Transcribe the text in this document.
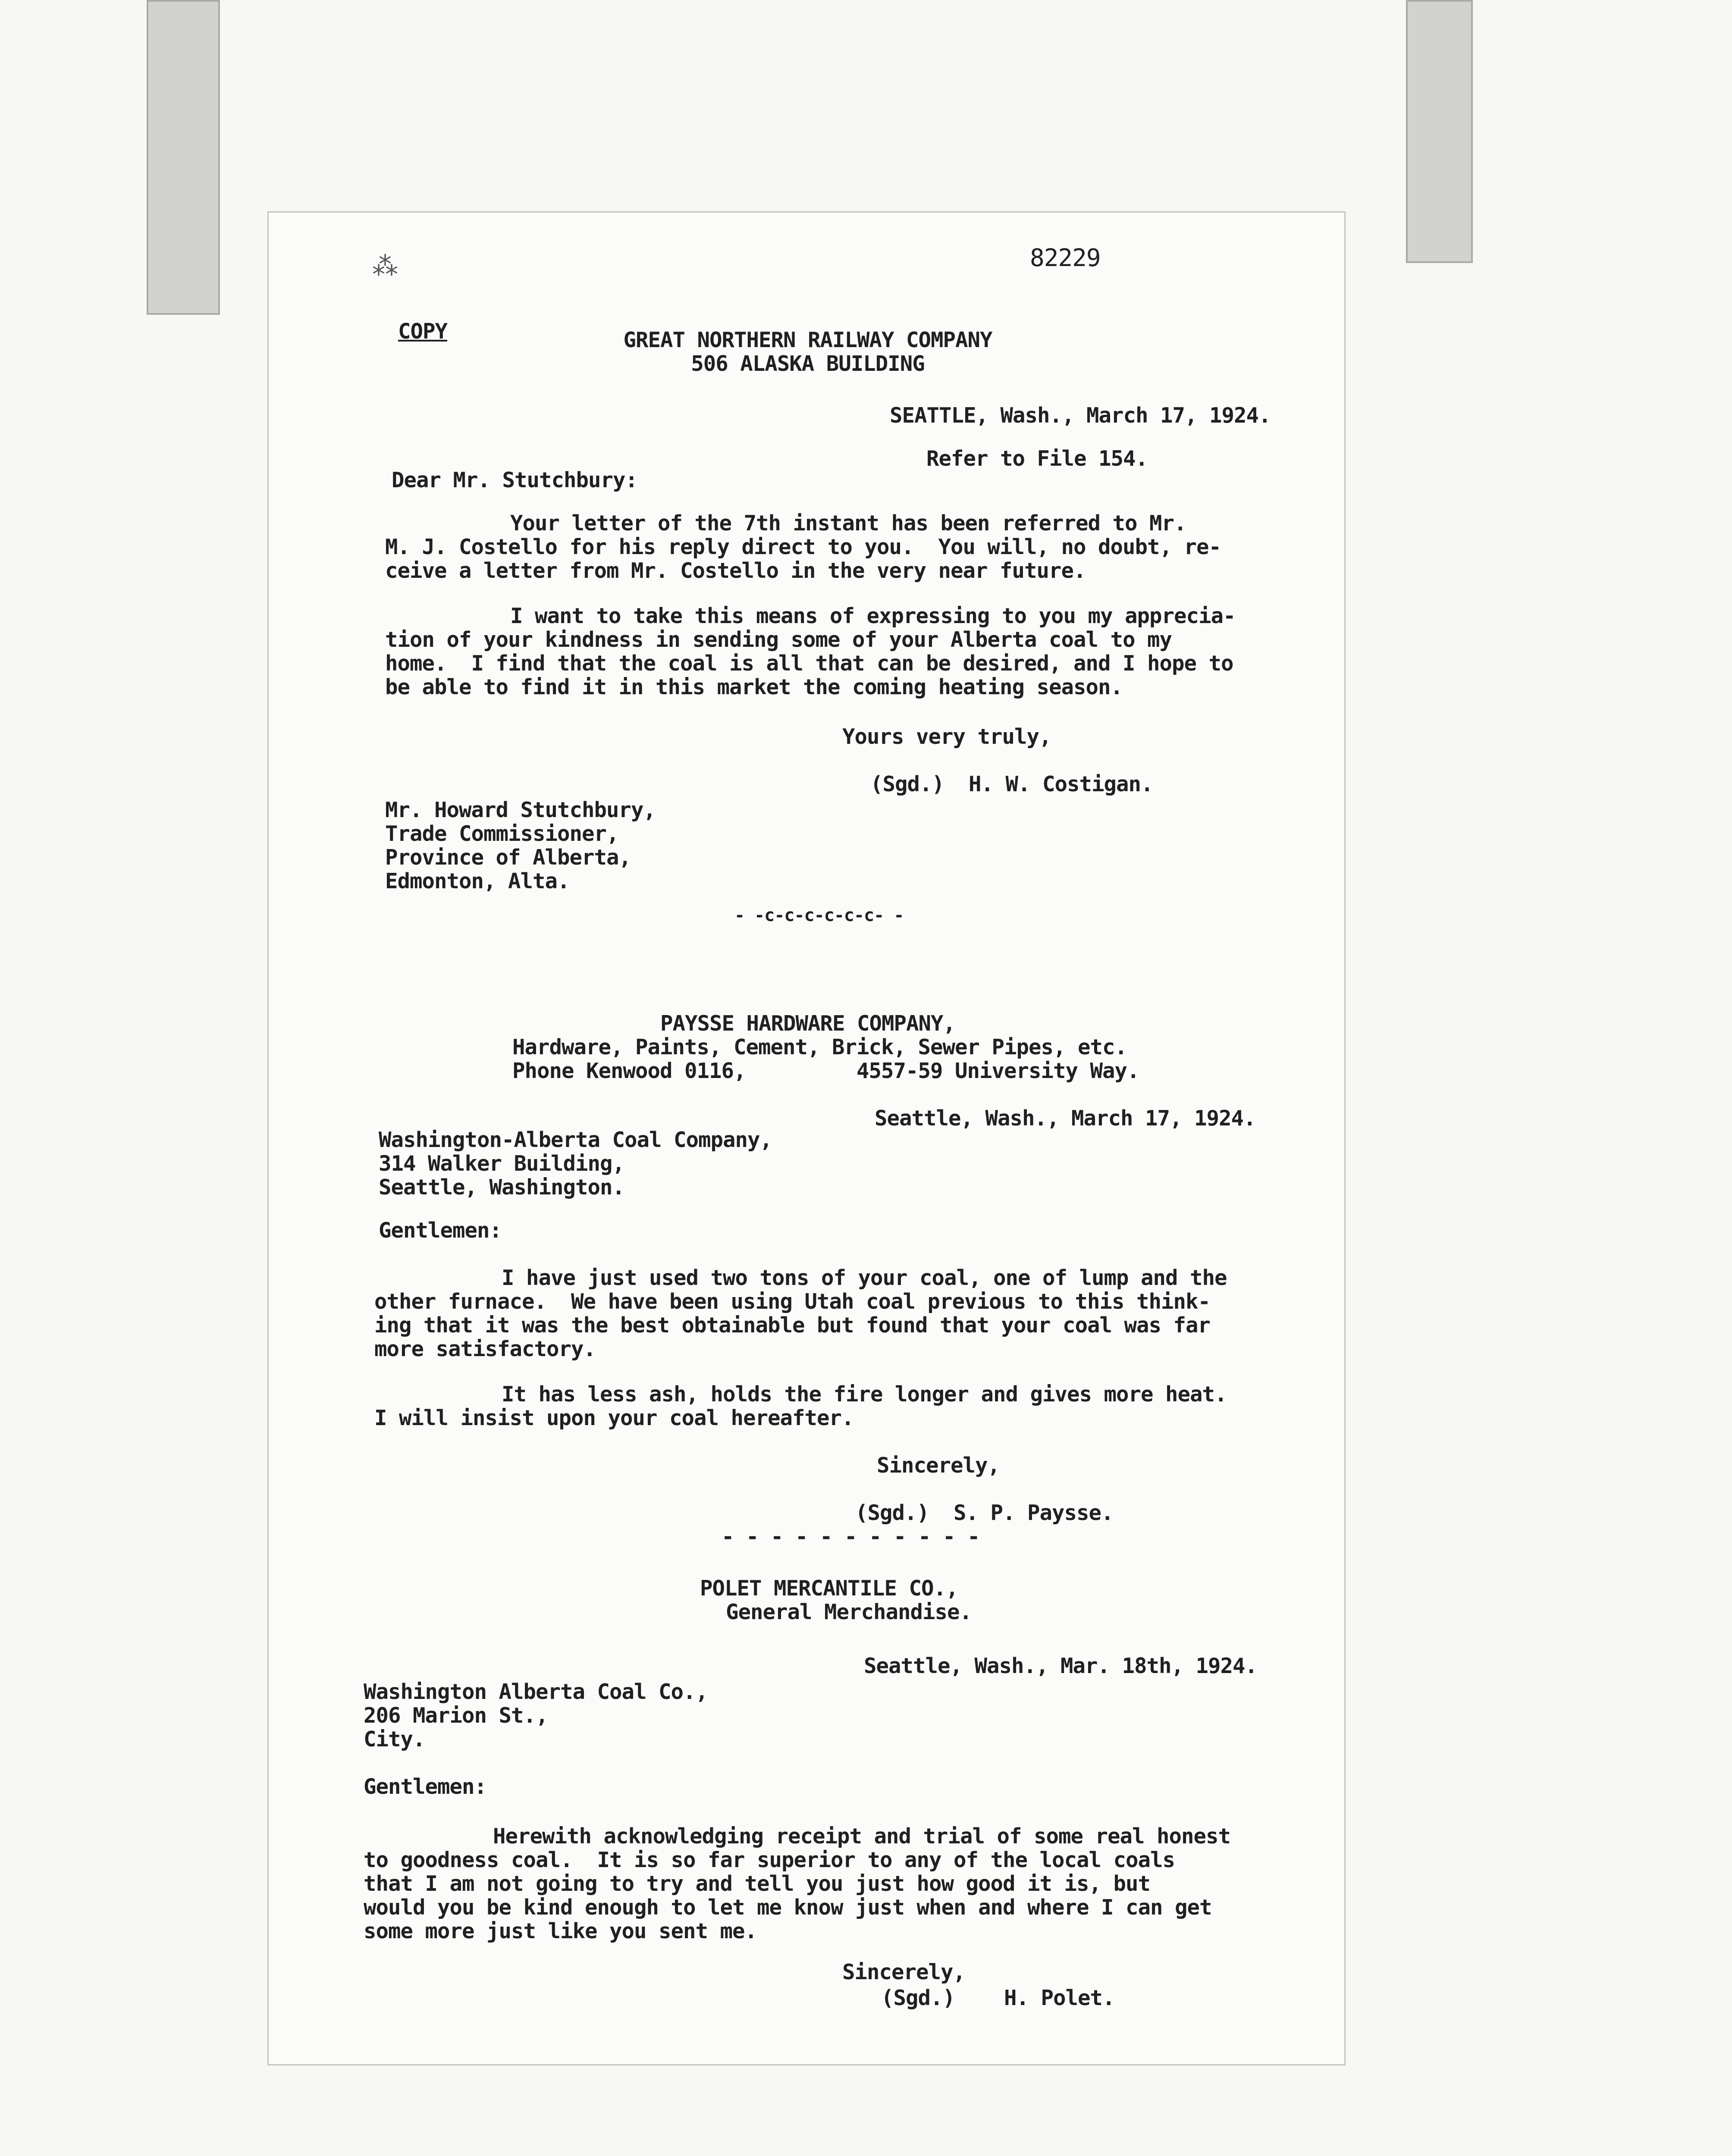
⁂	82229
COPY	GREAT NORTHERN RAILWAY COMPANY
506 ALASKA BUILDING
SEATTLE, Wash., March 17, 1924.
Refer to File 154.
Dear Mr. Stutchbury:
Your letter of the 7th instant has been referred to Mr.
M. J. Costello for his reply direct to you.  You will, no doubt, re-
ceive a letter from Mr. Costello in the very near future.
I want to take this means of expressing to you my apprecia-
tion of your kindness in sending some of your Alberta coal to my
home.  I find that the coal is all that can be desired, and I hope to
be able to find it in this market the coming heating season.
Yours very truly,
(Sgd.)  H. W. Costigan.
Mr. Howard Stutchbury,
Trade Commissioner,
Province of Alberta,
Edmonton, Alta.
- -c-c-c-c-c-c- -
PAYSSE HARDWARE COMPANY,
Hardware, Paints, Cement, Brick, Sewer Pipes, etc.
Phone Kenwood 0116,         4557-59 University Way.
Seattle, Wash., March 17, 1924.
Washington-Alberta Coal Company,
314 Walker Building,
Seattle, Washington.
Gentlemen:
I have just used two tons of your coal, one of lump and the
other furnace.  We have been using Utah coal previous to this think-
ing that it was the best obtainable but found that your coal was far
more satisfactory.
It has less ash, holds the fire longer and gives more heat.
I will insist upon your coal hereafter.
Sincerely,
(Sgd.)  S. P. Paysse.
- - - - - - - - - - -
POLET MERCANTILE CO.,
General Merchandise.
Seattle, Wash., Mar. 18th, 1924.
Washington Alberta Coal Co.,
206 Marion St.,
City.
Gentlemen:
Herewith acknowledging receipt and trial of some real honest
to goodness coal.  It is so far superior to any of the local coals
that I am not going to try and tell you just how good it is, but
would you be kind enough to let me know just when and where I can get
some more just like you sent me.
Sincerely,
(Sgd.)    H. Polet.
